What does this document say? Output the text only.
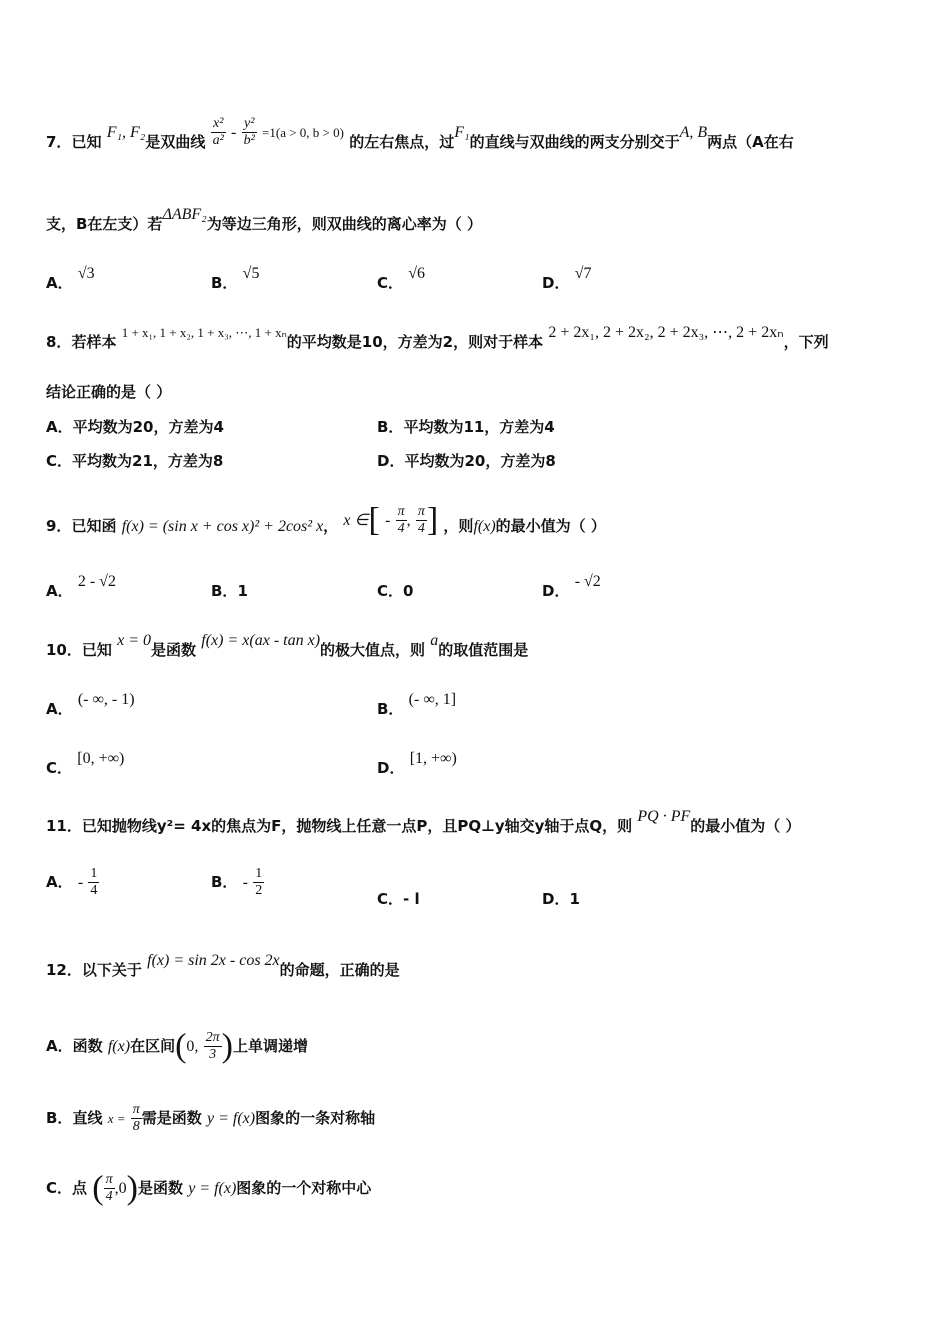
7．已知 F₁, F₂是双曲线 $\frac{\text{x²}}{\text{a²}} - \frac{\text{y²}}{\text{b²}} =1(a > 0$, b > 0) 的左右焦点，过F₁的直线与双曲线的两支分别交于A, B两点（A在右
支，B在左支）若ΔABF₂为等边三角形，则双曲线的离心率为（ ）
A． √3
B． √5
C． √6
D． √7
8．若样本 1 + x₁, 1 + x₂, 1 + x₃, ⋯, 1 + xₙ的平均数是10，方差为2，则对于样本 2 + 2x₁, 2 + 2x₂, 2 + 2x₃, ⋯, 2 + 2xₙ，下列
结论正确的是（ ）
A．平均数为20，方差为4	B．平均数为11，方差为4
C．平均数为21，方差为8	D．平均数为20，方差为8
9．已知函 f(x) = (sin x + cos x)² + 2cos² x， x ∈[ - $\frac{\pi}{4}$ , $\frac{\pi}{4}$ ] ，则f(x)的最小值为（ ）
A． 2 - √2
B．1	C．0	D． - √2
10．已知 x = 0是函数 f(x) = x(ax - tan x)的极大值点，则 a的取值范围是
A． (- ∞, - 1)
B． (- ∞, 1]
C． [0, +∞)
D． [1, +∞)
11．已知抛物线y²= 4x的焦点为F，抛物线上任意一点P，且PQ⊥y轴交y轴于点Q，则 PQ · PF的最小值为（ ）
A． - $\frac{1}{4}$	B． - $\frac{1}{2}$	C．- l	D．1
12．以下关于 f(x) = sin 2x - cos 2x的命题，正确的是
A．函数 f(x)在区间(0, $\frac{2\pi}{3}$ )上单调递增
B．直线 $x = \frac{\pi}{8}$ 需是函数 y = f(x)图象的一条对称轴
C．点 ( $\frac{\pi}{4} ,0$)是函数 y = f(x)图象的一个对称中心
